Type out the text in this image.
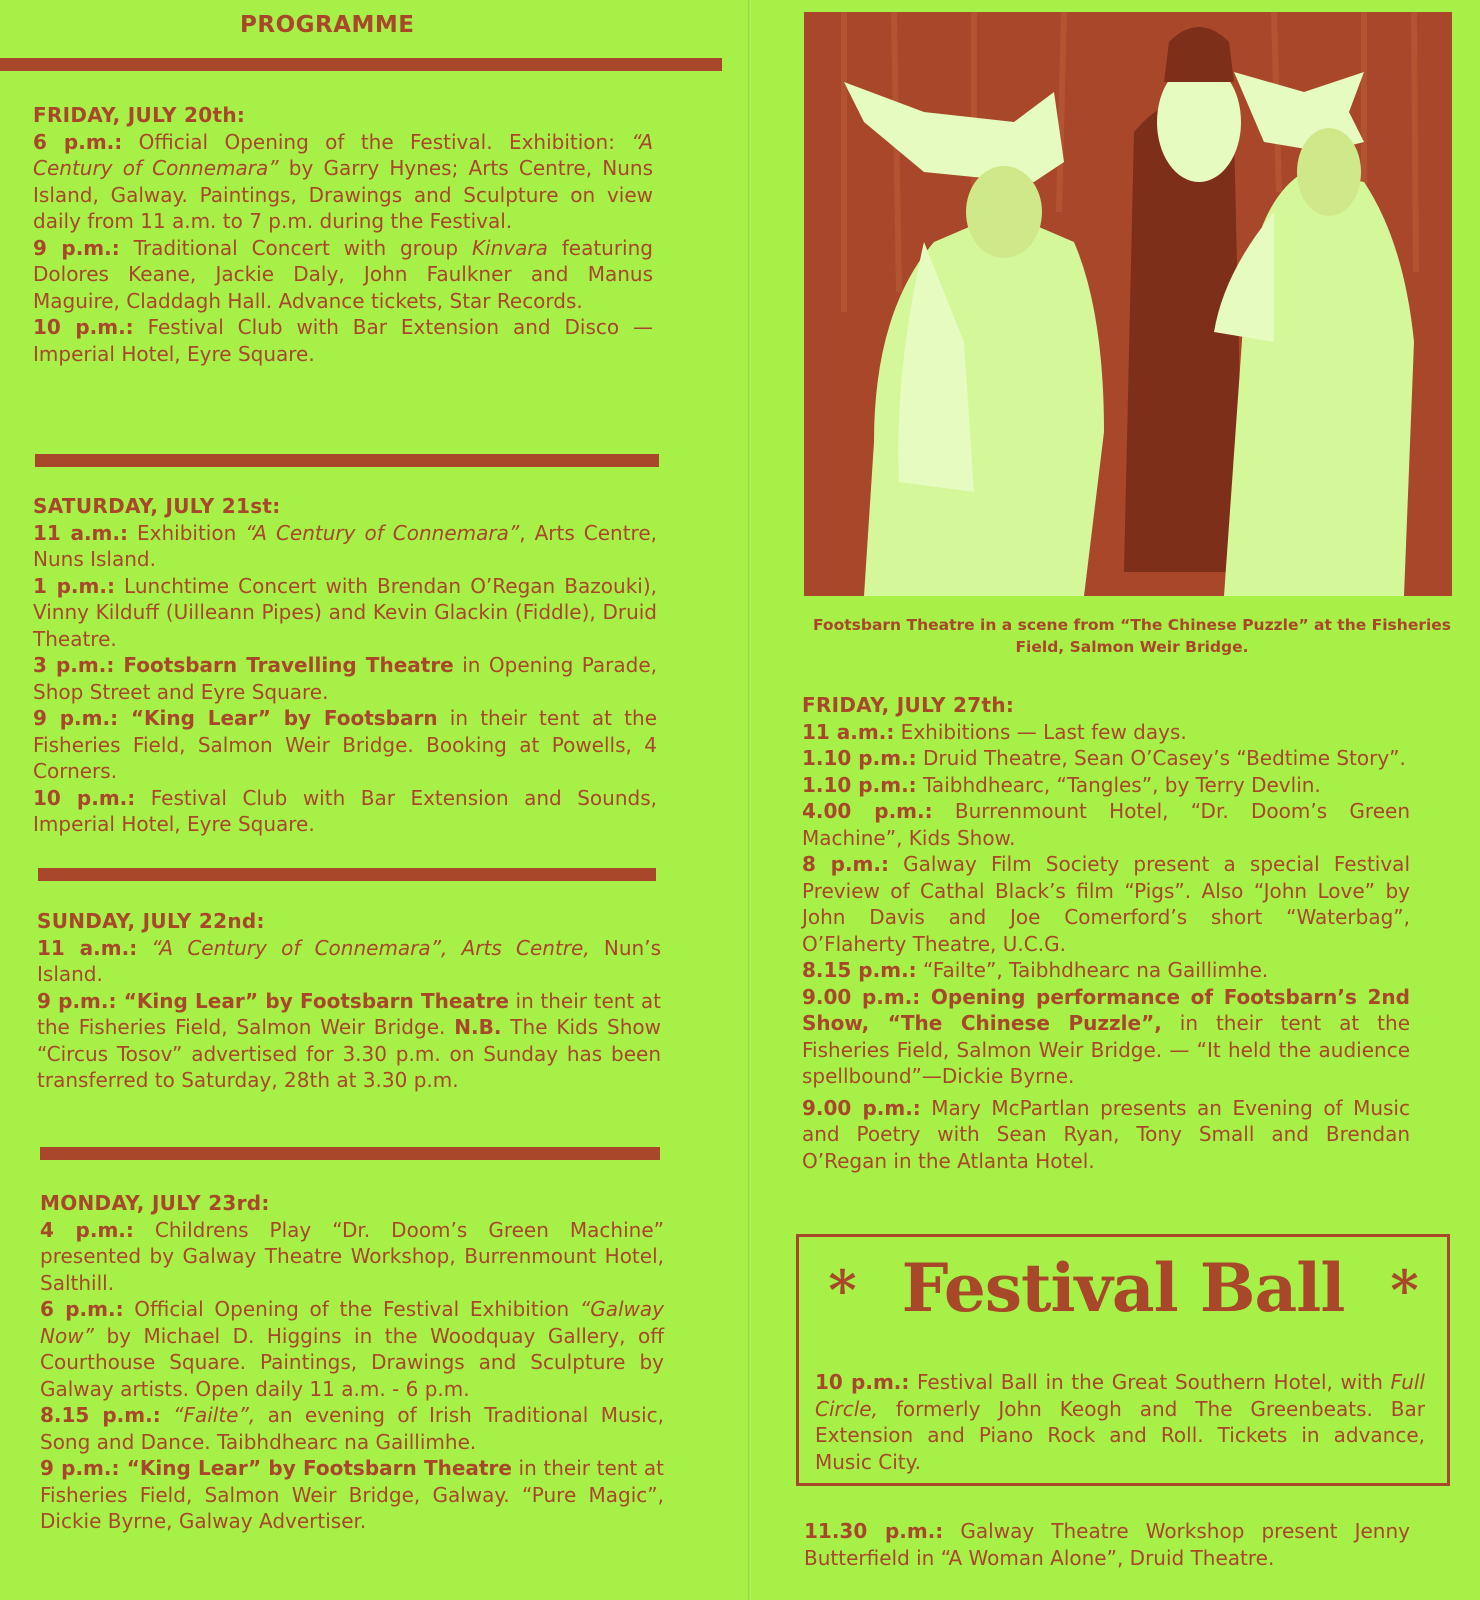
PROGRAMME
FRIDAY, JULY 20th:

6 p.m.: Official Opening of the Festival. Exhibition: “A Century of Connemara” by Garry Hynes; Arts Centre, Nuns Island, Galway. Paintings, Drawings and Sculpture on view daily from 11 a.m. to 7 p.m. during the Festival.

9 p.m.: Traditional Concert with group Kinvara featuring Dolores Keane, Jackie Daly, John Faulkner and Manus Maguire, Claddagh Hall. Advance tickets, Star Records.

10 p.m.: Festival Club with Bar Extension and Disco — Imperial Hotel, Eyre Square.

SATURDAY, JULY 21st:

11 a.m.: Exhibition “A Century of Connemara”, Arts Centre, Nuns Island.

1 p.m.: Lunchtime Concert with Brendan O’Regan Bazouki), Vinny Kilduff (Uilleann Pipes) and Kevin Glackin (Fiddle), Druid Theatre.

3 p.m.: Footsbarn Travelling Theatre in Opening Parade, Shop Street and Eyre Square.

9 p.m.: “King Lear” by Footsbarn in their tent at the Fisheries Field, Salmon Weir Bridge. Booking at Powells, 4 Corners.

10 p.m.: Festival Club with Bar Extension and Sounds, Imperial Hotel, Eyre Square.

SUNDAY, JULY 22nd:

11 a.m.: “A Century of Connemara”, Arts Centre, Nun’s Island.

9 p.m.: “King Lear” by Footsbarn Theatre in their tent at the Fisheries Field, Salmon Weir Bridge. N.B. The Kids Show “Circus Tosov” advertised for 3.30 p.m. on Sunday has been transferred to Saturday, 28th at 3.30 p.m.

MONDAY, JULY 23rd:

4 p.m.: Childrens Play “Dr. Doom’s Green Machine” presented by Galway Theatre Workshop, Burrenmount Hotel, Salthill.

6 p.m.: Official Opening of the Festival Exhibition “Galway Now” by Michael D. Higgins in the Woodquay Gallery, off Courthouse Square. Paintings, Drawings and Sculpture by Galway artists. Open daily 11 a.m. - 6 p.m.

8.15 p.m.: “Failte”, an evening of Irish Traditional Music, Song and Dance. Taibhdhearc na Gaillimhe.

9 p.m.: “King Lear” by Footsbarn Theatre in their tent at Fisheries Field, Salmon Weir Bridge, Galway. “Pure Magic”, Dickie Byrne, Galway Advertiser.

Footsbarn Theatre in a scene from “The Chinese Puzzle” at the Fisheries Field, Salmon Weir Bridge.
FRIDAY, JULY 27th:

11 a.m.: Exhibitions — Last few days.

1.10 p.m.: Druid Theatre, Sean O’Casey’s “Bedtime Story”.

1.10 p.m.: Taibhdhearc, “Tangles”, by Terry Devlin.

4.00 p.m.: Burrenmount Hotel, “Dr. Doom’s Green Machine”, Kids Show.

8 p.m.: Galway Film Society present a special Festival Preview of Cathal Black’s film “Pigs”. Also “John Love” by John Davis and Joe Comerford’s short “Waterbag”, O’Flaherty Theatre, U.C.G.

8.15 p.m.: “Failte”, Taibhdhearc na Gaillimhe.

9.00 p.m.: Opening performance of Footsbarn’s 2nd Show, “The Chinese Puzzle”, in their tent at the Fisheries Field, Salmon Weir Bridge. — “It held the audience spellbound”—Dickie Byrne.

9.00 p.m.: Mary McPartlan presents an Evening of Music and Poetry with Sean Ryan, Tony Small and Brendan O’Regan in the Atlanta Hotel.

* Festival Ball *
10 p.m.: Festival Ball in the Great Southern Hotel, with Full Circle, formerly John Keogh and The Greenbeats. Bar Extension and Piano Rock and Roll. Tickets in advance, Music City.

11.30 p.m.: Galway Theatre Workshop present Jenny Butterfield in “A Woman Alone”, Druid Theatre.
